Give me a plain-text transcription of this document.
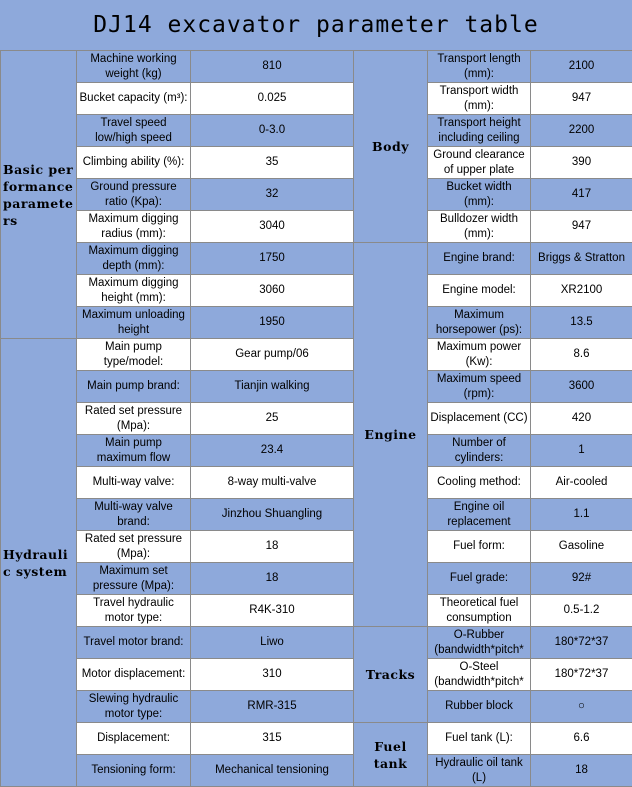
DJ14 excavator parameter table
Basic performance parameters	Machine working weight (kg)	810	Body	Transport length (mm):	2100
	Bucket capacity (m³):	0.025		Transport width (mm):	947
	Travel speed low/high speed	0-3.0		Transport height including ceiling	2200
	Climbing ability (%):	35		Ground clearance of upper plate	390
	Ground pressure ratio (Kpa):	32		Bucket width (mm):	417
	Maximum digging radius (mm):	3040		Bulldozer width (mm):	947
	Maximum digging depth (mm):	1750	Engine	Engine brand:	Briggs & Stratton
	Maximum digging height (mm):	3060		Engine model:	XR2100
	Maximum unloading height	1950		Maximum horsepower (ps):	13.5
Hydraulic system	Main pump type/model:	Gear pump/06		Maximum power (Kw):	8.6
	Main pump brand:	Tianjin walking		Maximum speed (rpm):	3600
	Rated set pressure (Mpa):	25		Displacement (CC)	420
	Main pump maximum flow	23.4		Number of cylinders:	1
	Multi-way valve:	8-way multi-valve		Cooling method:	Air-cooled
	Multi-way valve brand:	Jinzhou Shuangling		Engine oil replacement	1.1
	Rated set pressure (Mpa):	18		Fuel form:	Gasoline
	Maximum set pressure (Mpa):	18		Fuel grade:	92#
	Travel hydraulic motor type:	R4K-310		Theoretical fuel consumption	0.5-1.2
	Travel motor brand:	Liwo	Tracks	O-Rubber (bandwidth*pitch*	180*72*37
	Motor displacement:	310		O-Steel (bandwidth*pitch*	180*72*37
	Slewing hydraulic motor type:	RMR-315		Rubber block	○
	Displacement:	315	Fuel tank	Fuel tank (L):	6.6
	Tensioning form:	Mechanical tensioning		Hydraulic oil tank (L)	18
